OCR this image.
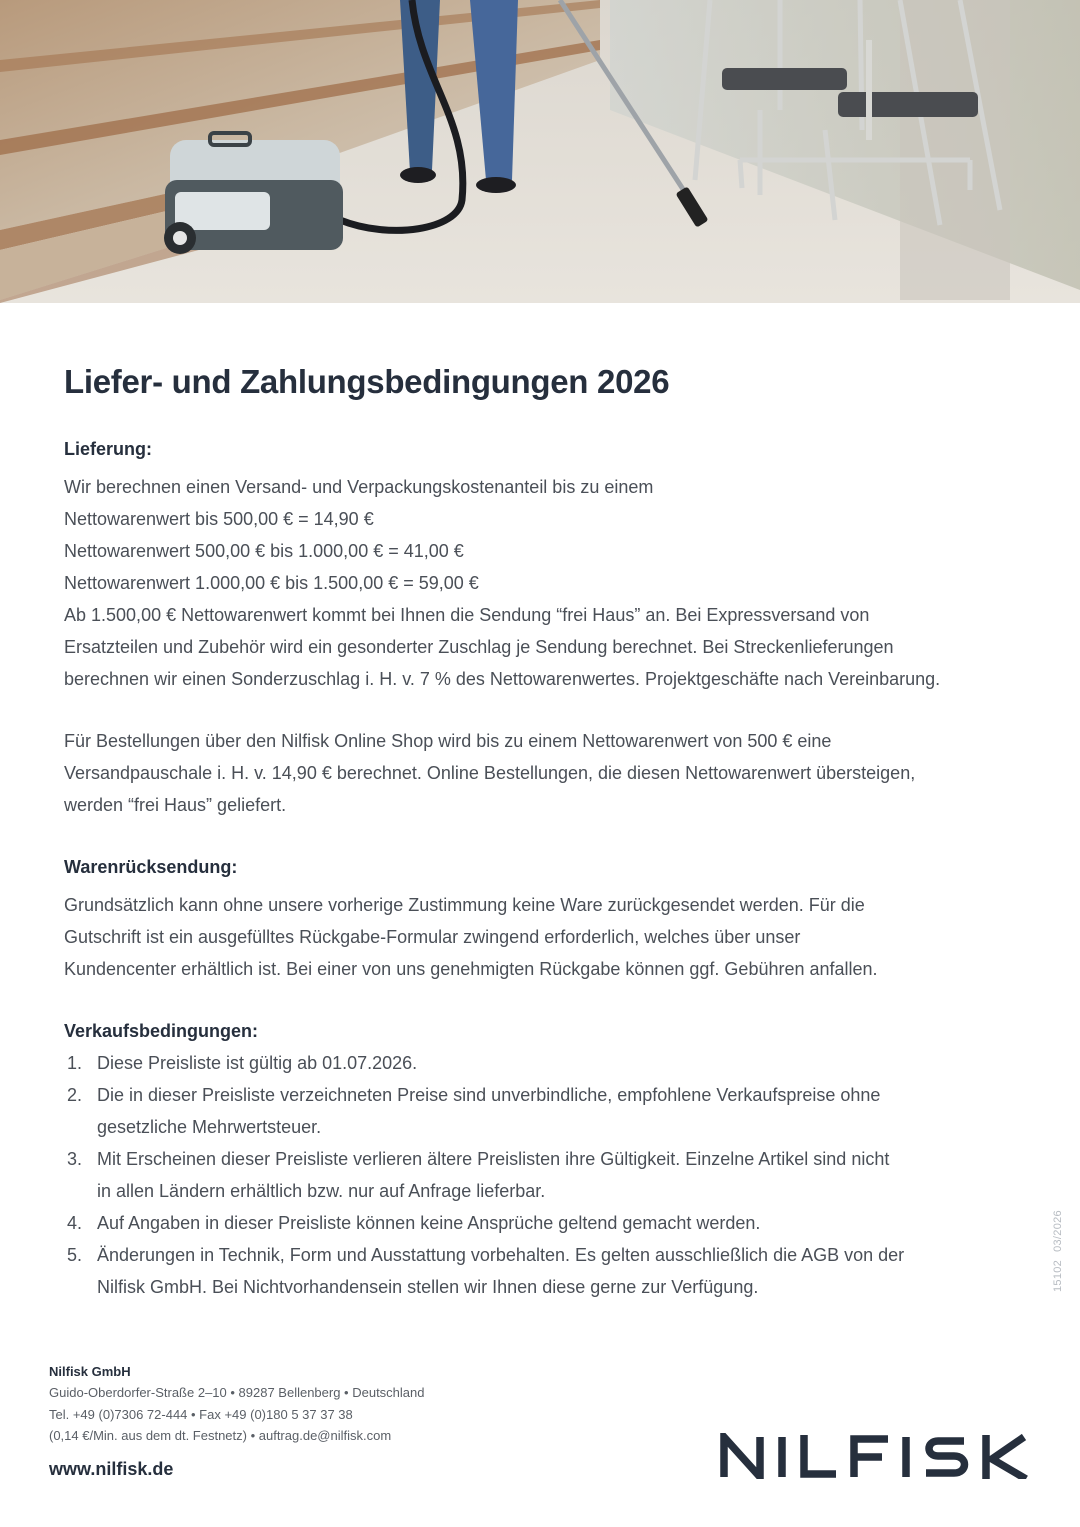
Liefer- und Zahlungsbedingungen 2026
Lieferung:
Wir berechnen einen Versand- und Verpackungskostenanteil bis zu einem
Nettowarenwert bis 500,00 € = 14,90 €
Nettowarenwert 500,00 € bis 1.000,00 € = 41,00 €
Nettowarenwert 1.000,00 € bis 1.500,00 € = 59,00 €
Ab 1.500,00 € Nettowarenwert kommt bei Ihnen die Sendung “frei Haus” an. Bei Expressversand von
Ersatzteilen und Zubehör wird ein gesonderter Zuschlag je Sendung berechnet. Bei Streckenlieferungen
berechnen wir einen Sonderzuschlag i. H. v. 7 % des Nettowarenwertes. Projektgeschäfte nach Vereinbarung.
Für Bestellungen über den Nilfisk Online Shop wird bis zu einem Nettowarenwert von 500 € eine
Versandpauschale i. H. v. 14,90 € berechnet. Online Bestellungen, die diesen Nettowarenwert übersteigen,
werden “frei Haus” geliefert.
Warenrücksendung:
Grundsätzlich kann ohne unsere vorherige Zustimmung keine Ware zurückgesendet werden. Für die
Gutschrift ist ein ausgefülltes Rückgabe-Formular zwingend erforderlich, welches über unser
Kundencenter erhältlich ist. Bei einer von uns genehmigten Rückgabe können ggf. Gebühren anfallen.
Verkaufsbedingungen:
1. Diese Preisliste ist gültig ab 01.07.2026.
2. Die in dieser Preisliste verzeichneten Preise sind unverbindliche, empfohlene Verkaufspreise ohne
gesetzliche Mehrwertsteuer.
3. Mit Erscheinen dieser Preisliste verlieren ältere Preislisten ihre Gültigkeit. Einzelne Artikel sind nicht
in allen Ländern erhältlich bzw. nur auf Anfrage lieferbar.
4. Auf Angaben in dieser Preisliste können keine Ansprüche geltend gemacht werden.
5. Änderungen in Technik, Form und Ausstattung vorbehalten. Es gelten ausschließlich die AGB von der
Nilfisk GmbH. Bei Nichtvorhandensein stellen wir Ihnen diese gerne zur Verfügung.	1510203/2026
Nilfisk GmbH
Guido-Oberdorfer-Straße 2–10 • 89287 Bellenberg • Deutschland
Tel. +49 (0)7306 72-444 • Fax +49 (0)180 5 37 37 38
(0,14 €/Min. aus dem dt. Festnetz) • auftrag.de@nilfisk.com
www.nilfisk.de
